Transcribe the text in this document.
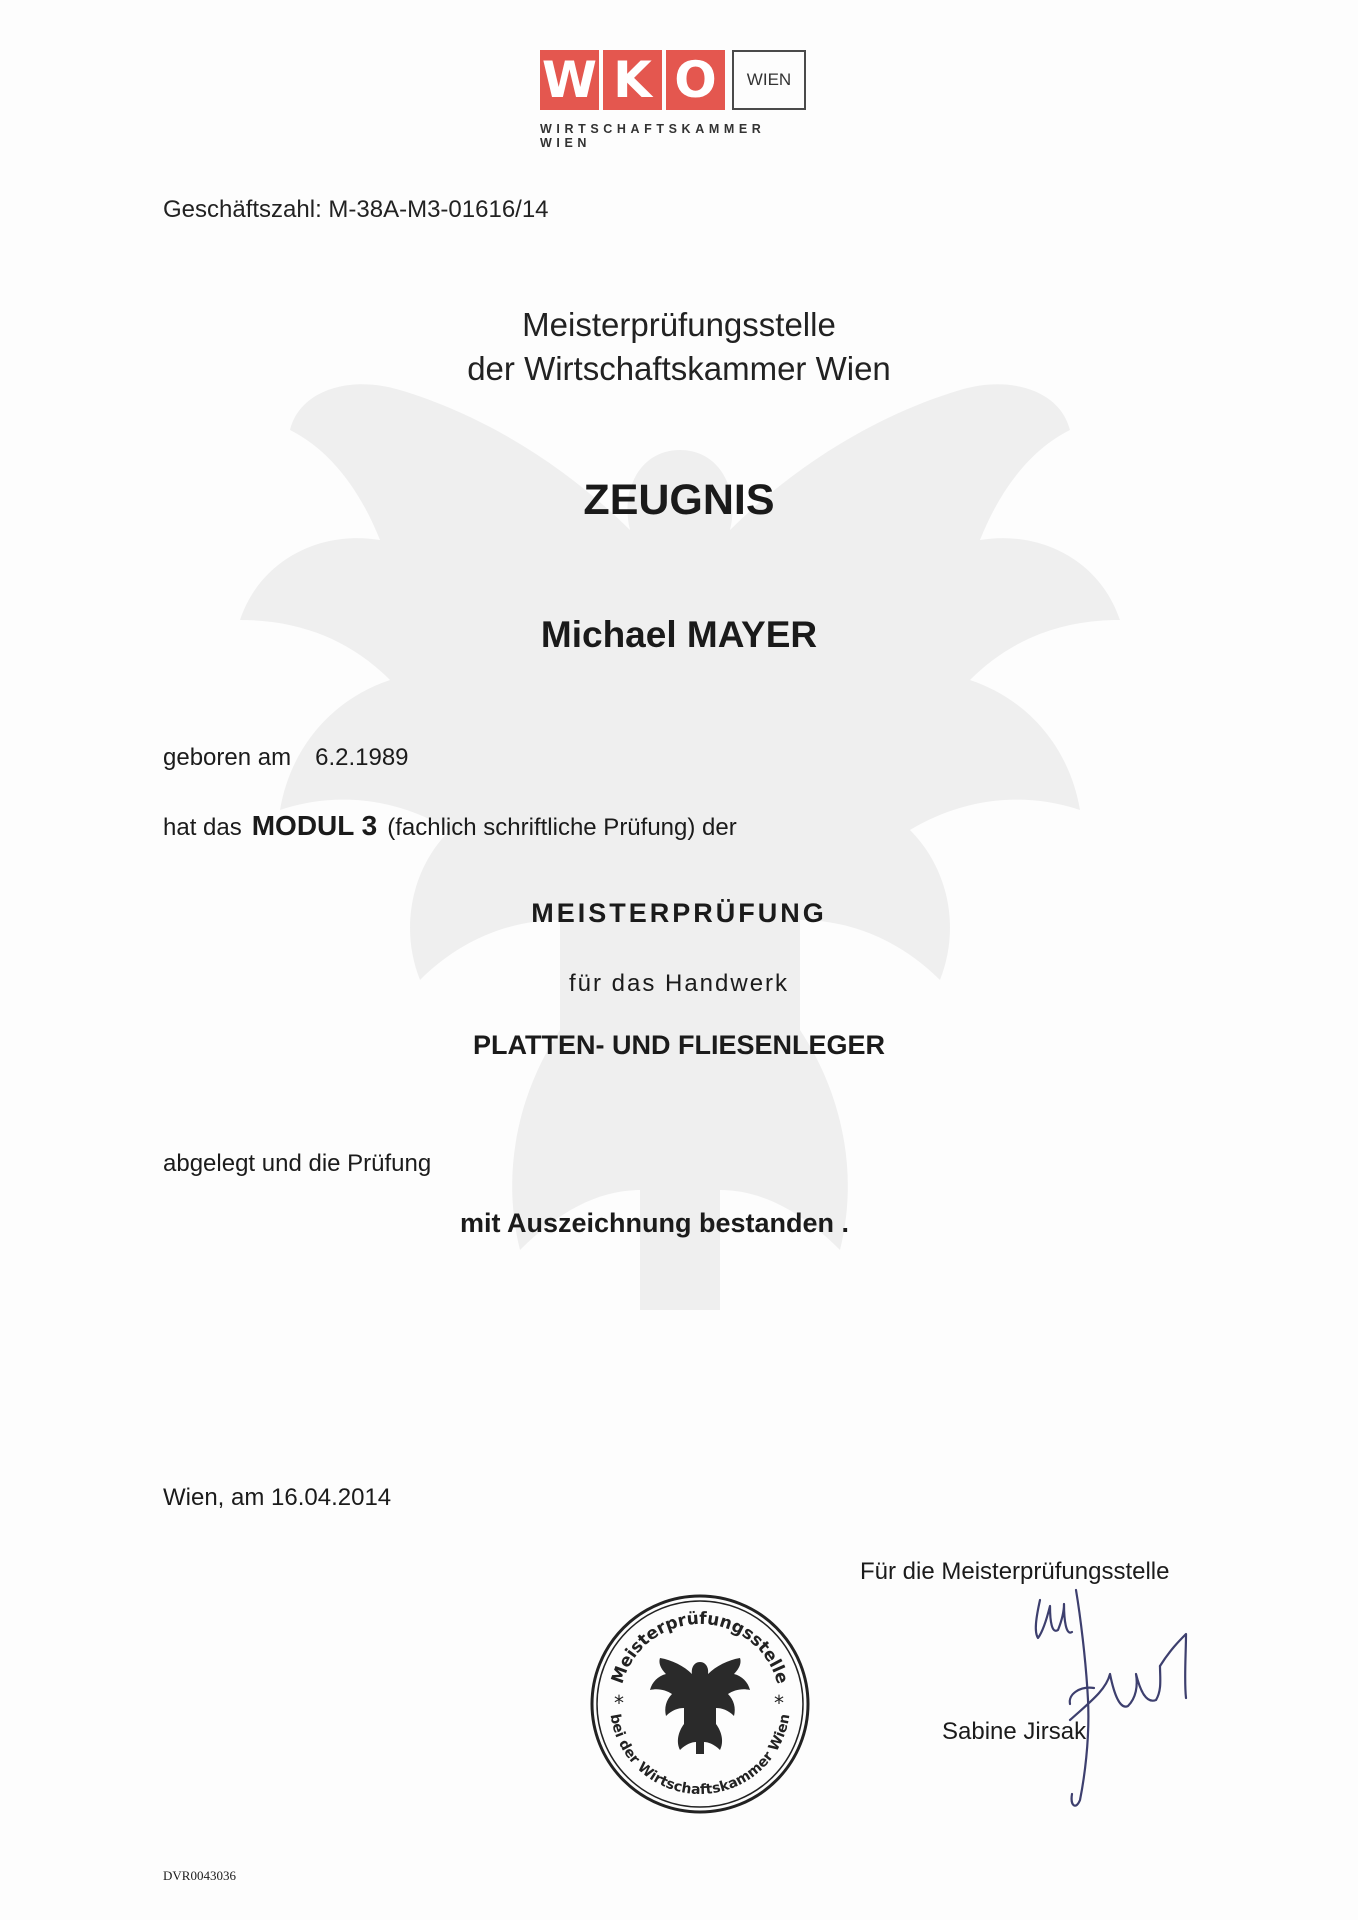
W K O	WIEN
WIRTSCHAFTSKAMMER WIEN
Geschäftszahl: M-38A-M3-01616/14
Meisterprüfungsstelle
der Wirtschaftskammer Wien
ZEUGNIS
Michael MAYER
geboren am 6.2.1989
hat das MODUL 3 (fachlich schriftliche Prüfung) der
MEISTERPRÜFUNG
für das Handwerk
PLATTEN- UND FLIESENLEGER
abgelegt und die Prüfung
mit Auszeichnung bestanden .
Wien, am 16.04.2014
Für die Meisterprüfungsstelle
Meisterprüfungsstelle
bei der Wirtschaftskammer Wien
*	*
Sabine Jirsak
DVR0043036
